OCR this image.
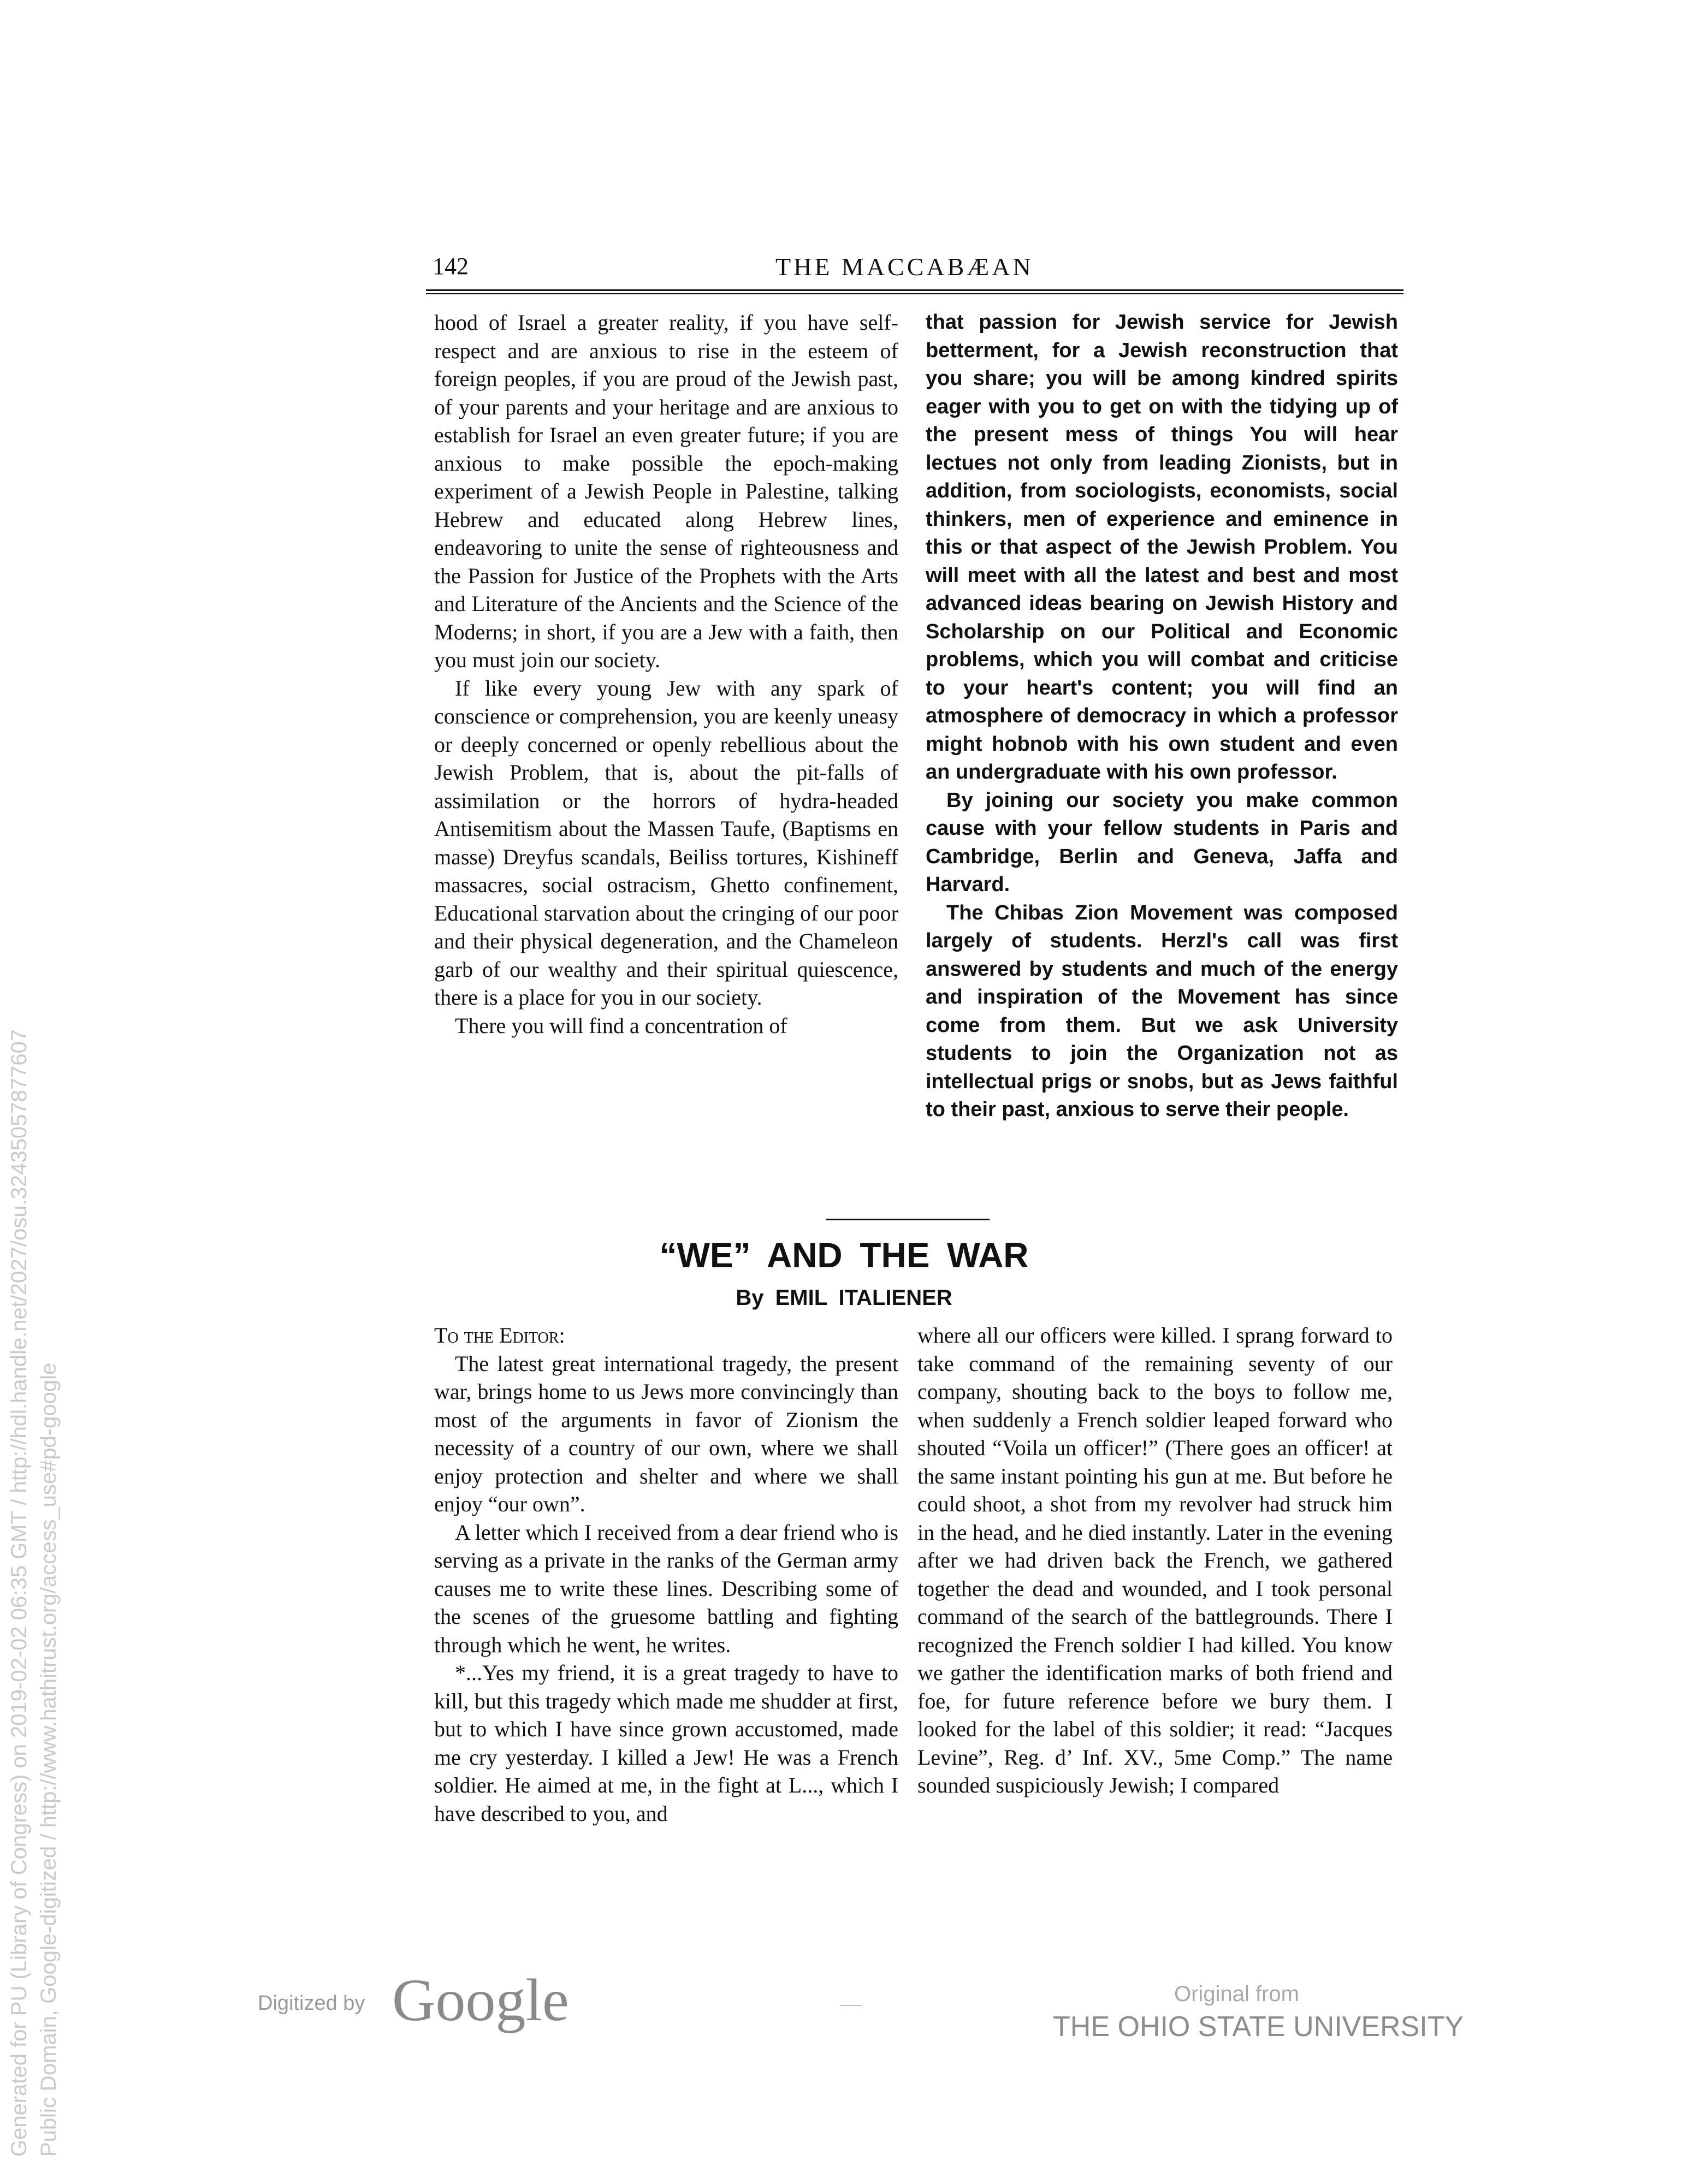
142	THE MACCABÆAN

hood of Israel a greater reality, if you have self-respect and are anxious to rise in the esteem of foreign peoples, if you are proud of the Jewish past, of your parents and your heritage and are anxious to establish for Israel an even greater future; if you are anxious to make possible the epoch-making experiment of a Jewish People in Palestine, talking Hebrew and educated along Hebrew lines, endeavoring to unite the sense of righteousness and the Passion for Justice of the Prophets with the Arts and Literature of the Ancients and the Science of the Moderns; in short, if you are a Jew with a faith, then you must join our society.

If like every young Jew with any spark of conscience or comprehension, you are keenly uneasy or deeply concerned or openly rebellious about the Jewish Problem, that is, about the pit-falls of assimilation or the horrors of hydra-headed Antisemitism about the Massen Taufe, (Baptisms en masse) Dreyfus scandals, Beiliss tortures, Kishineff massacres, social ostracism, Ghetto confinement, Educational starvation about the cringing of our poor and their physical degeneration, and the Chameleon garb of our wealthy and their spiritual quiescence, there is a place for you in our society.

There you will find a concentration of

that passion for Jewish service for Jewish betterment, for a Jewish reconstruction that you share; you will be among kindred spirits eager with you to get on with the tidying up of the present mess of things You will hear lectues not only from leading Zionists, but in addition, from sociologists, economists, social thinkers, men of experience and eminence in this or that aspect of the Jewish Problem. You will meet with all the latest and best and most advanced ideas bearing on Jewish History and Scholarship on our Political and Economic problems, which you will combat and criticise to your heart's content; you will find an atmosphere of democracy in which a professor might hobnob with his own student and even an undergraduate with his own professor.

By joining our society you make common cause with your fellow students in Paris and Cambridge, Berlin and Geneva, Jaffa and Harvard.

The Chibas Zion Movement was composed largely of students. Herzl's call was first answered by students and much of the energy and inspiration of the Movement has since come from them. But we ask University students to join the Organization not as intellectual prigs or snobs, but as Jews faithful to their past, anxious to serve their people.

“WE” AND THE WAR
By EMIL ITALIENER

To the Editor:

The latest great international tragedy, the present war, brings home to us Jews more convincingly than most of the arguments in favor of Zionism the necessity of a country of our own, where we shall enjoy protection and shelter and where we shall enjoy “our own”.

A letter which I received from a dear friend who is serving as a private in the ranks of the German army causes me to write these lines. Describing some of the scenes of the gruesome battling and fighting through which he went, he writes.

*...Yes my friend, it is a great tragedy to have to kill, but this tragedy which made me shudder at first, but to which I have since grown accustomed, made me cry yesterday. I killed a Jew! He was a French soldier. He aimed at me, in the fight at L..., which I have described to you, and

where all our officers were killed. I sprang forward to take command of the remaining seventy of our company, shouting back to the boys to follow me, when suddenly a French soldier leaped forward who shouted “Voila un officer!” (There goes an officer! at the same instant pointing his gun at me. But before he could shoot, a shot from my revolver had struck him in the head, and he died instantly. Later in the evening after we had driven back the French, we gathered together the dead and wounded, and I took personal command of the search of the battlegrounds. There I recognized the French soldier I had killed. You know we gather the identification marks of both friend and foe, for future reference before we bury them. I looked for the label of this soldier; it read: “Jacques Levine”, Reg. d’ Inf. XV., 5me Comp.” The name sounded suspiciously Jewish; I compared

Generated for PU (Library of Congress) on 2019-02-02 06:35 GMT / http://hdl.handle.net/2027/osu.32435057877607 Public Domain, Google-digitized / http://www.hathitrust.org/access_use#pd-google	Digitized by Google	Original from
THE OHIO STATE UNIVERSITY
